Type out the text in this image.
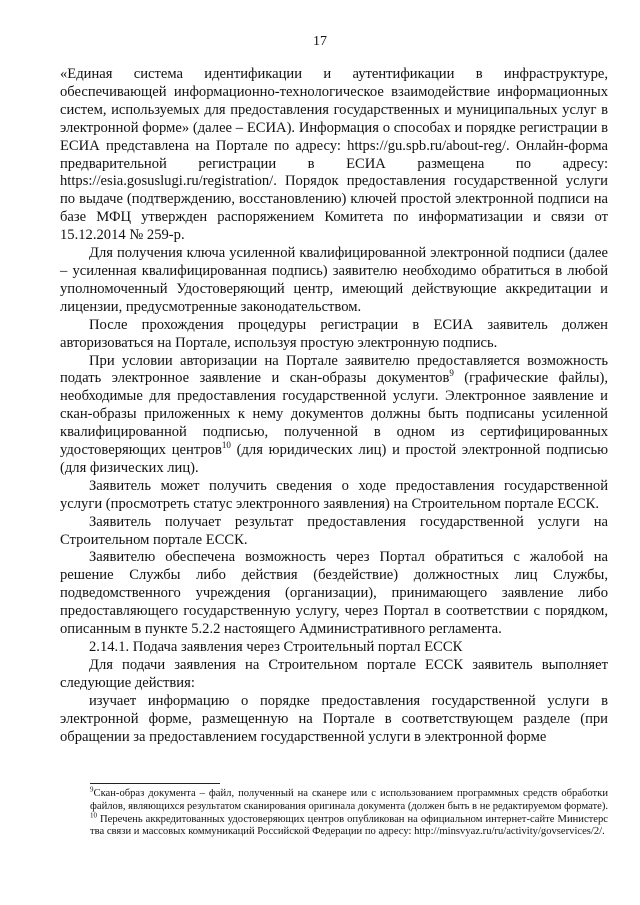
17

«Единая система идентификации и аутентификации в инфраструктуре, обеспечивающей информационно-технологическое взаимодействие информационных систем, используемых для предоставления государственных и муниципальных услуг в электронной форме» (далее – ЕСИА). Информация о способах и порядке регистрации в ЕСИА представлена на Портале по адресу: https://gu.spb.ru/about-reg/. Онлайн-форма предварительной регистрации в ЕСИА размещена по адресу: https://esia.gosuslugi.ru/registration/. Порядок предоставления государственной услуги по выдаче (подтверждению, восстановлению) ключей простой электронной подписи на базе МФЦ утвержден распоряжением Комитета по информатизации и связи от 15.12.2014 № 259-р.

Для получения ключа усиленной квалифицированной электронной подписи (далее – усиленная квалифицированная подпись) заявителю необходимо обратиться в любой уполномоченный Удостоверяющий центр, имеющий действующие аккредитации и лицензии, предусмотренные законодательством.

После прохождения процедуры регистрации в ЕСИА заявитель должен авторизоваться на Портале, используя простую электронную подпись.

При условии авторизации на Портале заявителю предоставляется возможность подать электронное заявление и скан-образы документов$^9$ (графические файлы), необходимые для предоставления государственной услуги. Электронное заявление и скан-образы приложенных к нему документов должны быть подписаны усиленной квалифицированной подписью, полученной в одном из сертифицированных удостоверяющих центров$^{10}$ (для юридических лиц) и простой электронной подписью (для физических лиц).

Заявитель может получить сведения о ходе предоставления государственной услуги (просмотреть статус электронного заявления) на Строительном портале ЕССК.

Заявитель получает результат предоставления государственной услуги на Строительном портале ЕССК.

Заявителю обеспечена возможность через Портал обратиться с жалобой на решение Службы либо действия (бездействие) должностных лиц Службы, подведомственного учреждения (организации), принимающего заявление либо предоставляющего государственную услугу, через Портал в соответствии с порядком, описанным в пункте 5.2.2 настоящего Административного регламента.

2.14.1. Подача заявления через Строительный портал ЕССК

Для подачи заявления на Строительном портале ЕССК заявитель выполняет следующие действия:

изучает информацию о порядке предоставления государственной услуги в электронной форме, размещенную на Портале в соответствующем разделе (при обращении за предоставлением государственной услуги в электронной форме

$^9$Скан-образ документа – файл, полученный на сканере или с использованием программных средств обработки файлов, являющихся результатом сканирования оригинала документа (должен быть в не редактируемом формате).

$^{10}$ Перечень аккредитованных удостоверяющих центров опубликован на официальном интернет-сайте Министерства связи и массовых коммуникаций Российской Федерации по адресу: http://minsvyaz.ru/ru/activity/govservices/2/.
